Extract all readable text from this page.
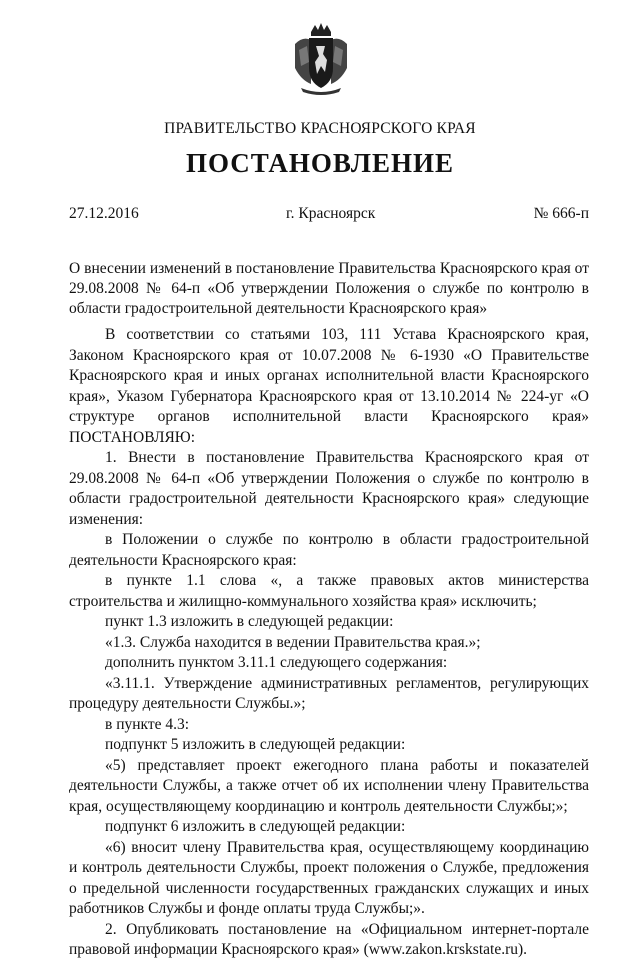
ПРАВИТЕЛЬСТВО КРАСНОЯРСКОГО КРАЯ
ПОСТАНОВЛЕНИЕ
27.12.2016	г. Красноярск	№ 666-п
О внесении изменений в постановление Правительства Красноярского края от 29.08.2008 № 64-п «Об утверждении Положения о службе по контролю в области градостроительной деятельности Красноярского края»

В соответствии со статьями 103, 111 Устава Красноярского края, Законом Красноярского края от 10.07.2008 № 6-1930 «О Правительстве Красноярского края и иных органах исполнительной власти Красноярского края», Указом Губернатора Красноярского края от 13.10.2014 № 224-уг «О структуре органов исполнительной власти Красноярского края» ПОСТАНОВЛЯЮ:

1. Внести в постановление Правительства Красноярского края от 29.08.2008 № 64-п «Об утверждении Положения о службе по контролю в области градостроительной деятельности Красноярского края» следующие изменения:

в Положении о службе по контролю в области градостроительной деятельности Красноярского края:

в пункте 1.1 слова «, а также правовых актов министерства строительства и жилищно-коммунального хозяйства края» исключить;

пункт 1.3 изложить в следующей редакции:

«1.3. Служба находится в ведении Правительства края.»;

дополнить пунктом 3.11.1 следующего содержания:

«3.11.1. Утверждение административных регламентов, регулирующих процедуру деятельности Службы.»;

в пункте 4.3:

подпункт 5 изложить в следующей редакции:

«5) представляет проект ежегодного плана работы и показателей деятельности Службы, а также отчет об их исполнении члену Правительства края, осуществляющему координацию и контроль деятельности Службы;»;

подпункт 6 изложить в следующей редакции:

«6) вносит члену Правительства края, осуществляющему координацию и контроль деятельности Службы, проект положения о Службе, предложения о предельной численности государственных гражданских служащих и иных работников Службы и фонде оплаты труда Службы;».

2. Опубликовать постановление на «Официальном интернет-портале правовой информации Красноярского края» (www.zakon.krskstate.ru).
